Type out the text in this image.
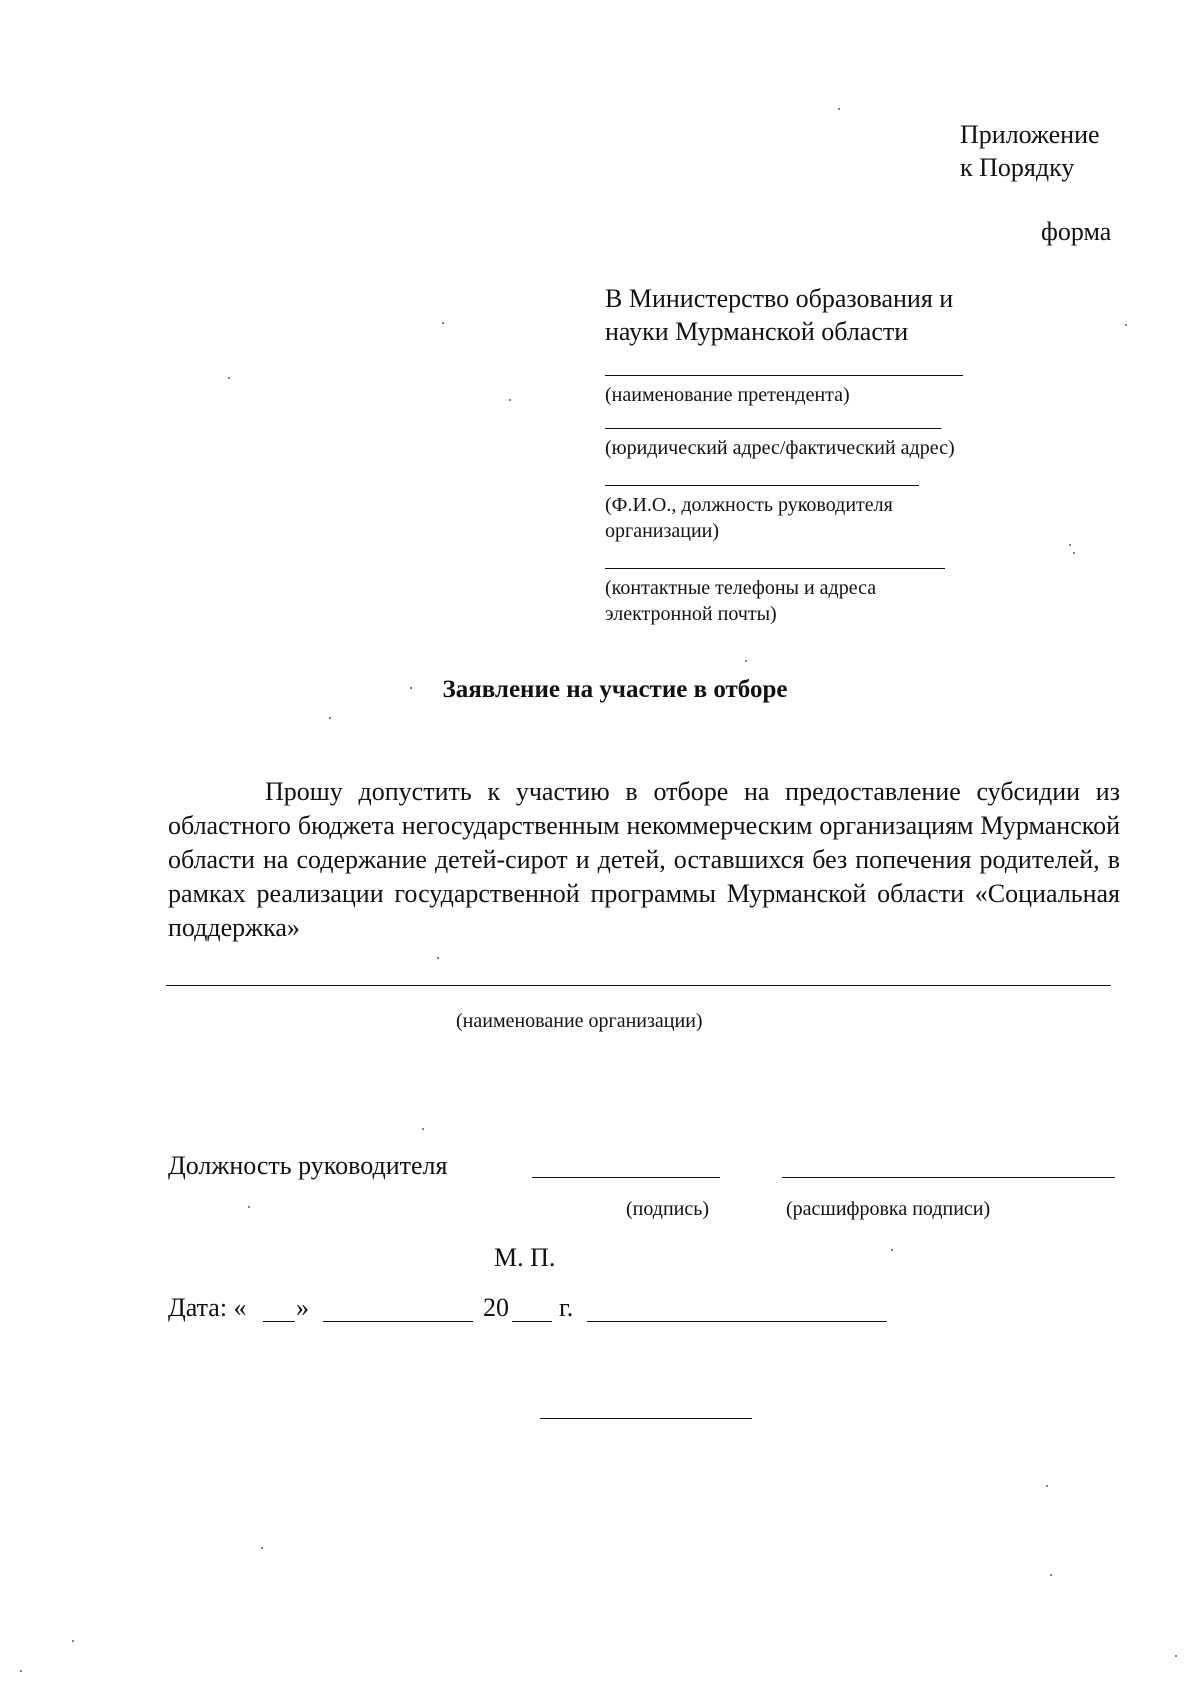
Приложение
к Порядку
форма
В Министерство образования и
науки Мурманской области
(наименование претендента)
(юридический адрес/фактический адрес)
(Ф.И.О., должность руководителя
организации)
(контактные телефоны и адреса
электронной почты)
Заявление на участие в отборе
Прошу допустить к участию в отборе на предоставление субсидии из областного бюджета негосударственным некоммерческим организациям Мурманской области на содержание детей-сирот и детей, оставшихся без попечения родителей, в рамках реализации государственной программы Мурманской области «Социальная поддержка»
(наименование организации)
Должность руководителя
(подпись)	(расшифровка подписи)
М. П.
Дата: « »	20 г.
